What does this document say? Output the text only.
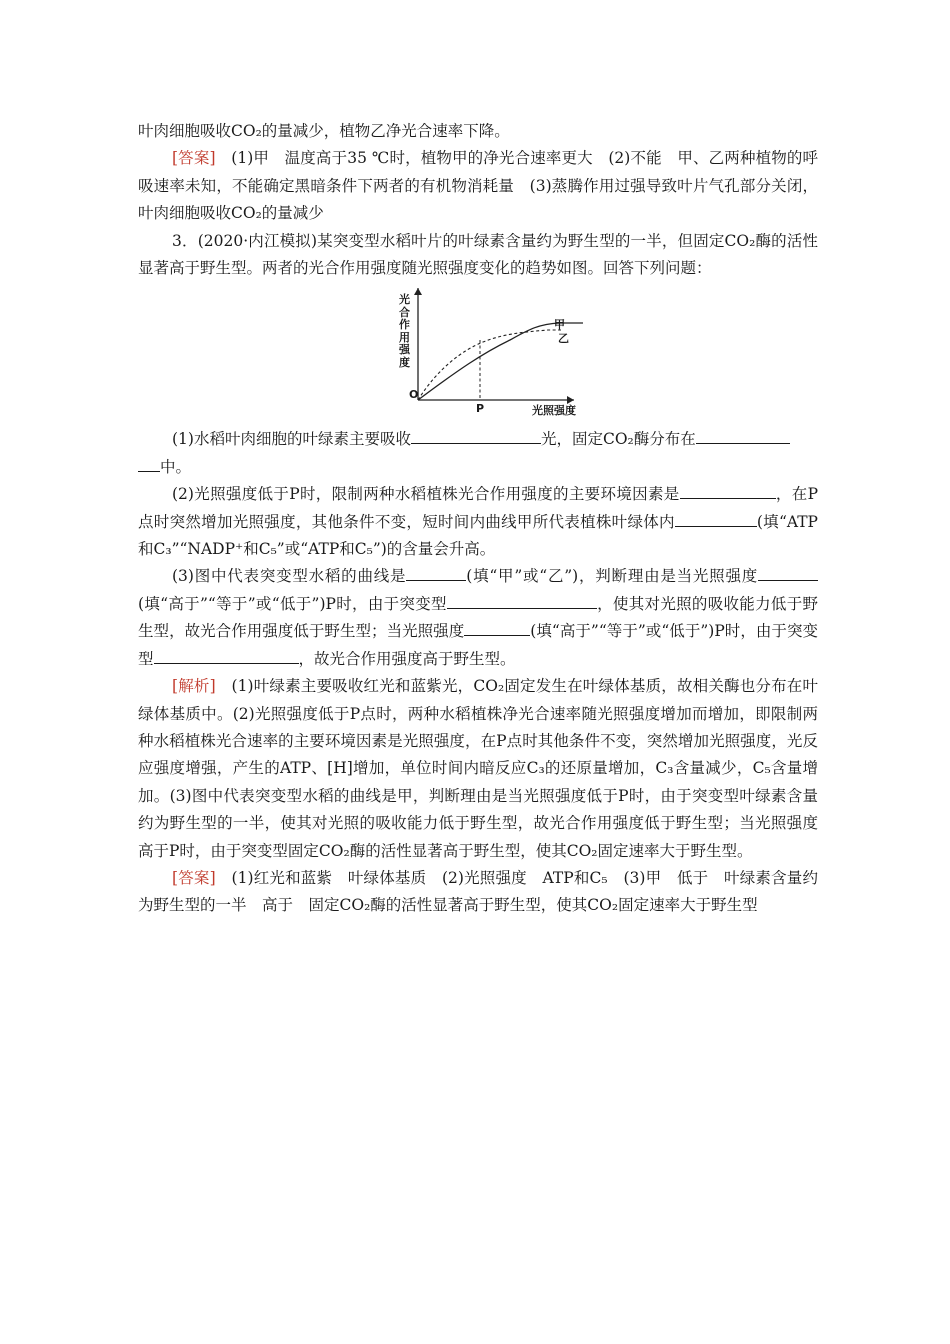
叶肉细胞吸收CO₂的量减少，植物乙净光合速率下降。

[答案]　(1)甲　温度高于35 ℃时，植物甲的净光合速率更大　(2)不能　甲、乙两种植物的呼吸速率未知，不能确定黑暗条件下两者的有机物消耗量　(3)蒸腾作用过强导致叶片气孔部分关闭，叶肉细胞吸收CO₂的量减少

3．(2020·内江模拟)某突变型水稻叶片的叶绿素含量约为野生型的一半，但固定CO₂酶的活性显著高于野生型。两者的光合作用强度随光照强度变化的趋势如图。回答下列问题：

光
合
作
用
强
度
O
P	光照强度
甲
乙

(1)水稻叶肉细胞的叶绿素主要吸收	光，固定CO₂酶分布在
中。

(2)光照强度低于P时，限制两种水稻植株光合作用强度的主要环境因素是	，在P点时突然增加光照强度，其他条件不变，短时间内曲线甲所代表植株叶绿体内	(填“ATP和C₃”“NADP⁺和C₅”或“ATP和C₅”)的含量会升高。

(3)图中代表突变型水稻的曲线是	(填“甲”或“乙”)，判断理由是当光照强度(填“高于”“等于”或“低于”)P时，由于突变型	，使其对光照的吸收能力低于野生型，故光合作用强度低于野生型；当光照强度	(填“高于”“等于”或“低于”)P时，由于突变型	，故光合作用强度高于野生型。

[解析]　(1)叶绿素主要吸收红光和蓝紫光，CO₂固定发生在叶绿体基质，故相关酶也分布在叶绿体基质中。(2)光照强度低于P点时，两种水稻植株净光合速率随光照强度增加而增加，即限制两种水稻植株光合速率的主要环境因素是光照强度，在P点时其他条件不变，突然增加光照强度，光反应强度增强，产生的ATP、[H]增加，单位时间内暗反应C₃的还原量增加，C₃含量减少，C₅含量增加。(3)图中代表突变型水稻的曲线是甲，判断理由是当光照强度低于P时，由于突变型叶绿素含量约为野生型的一半，使其对光照的吸收能力低于野生型，故光合作用强度低于野生型；当光照强度高于P时，由于突变型固定CO₂酶的活性显著高于野生型，使其CO₂固定速率大于野生型。

[答案]　(1)红光和蓝紫　叶绿体基质　(2)光照强度　ATP和C₅　(3)甲　低于　叶绿素含量约为野生型的一半　高于　固定CO₂酶的活性显著高于野生型，使其CO₂固定速率大于野生型
